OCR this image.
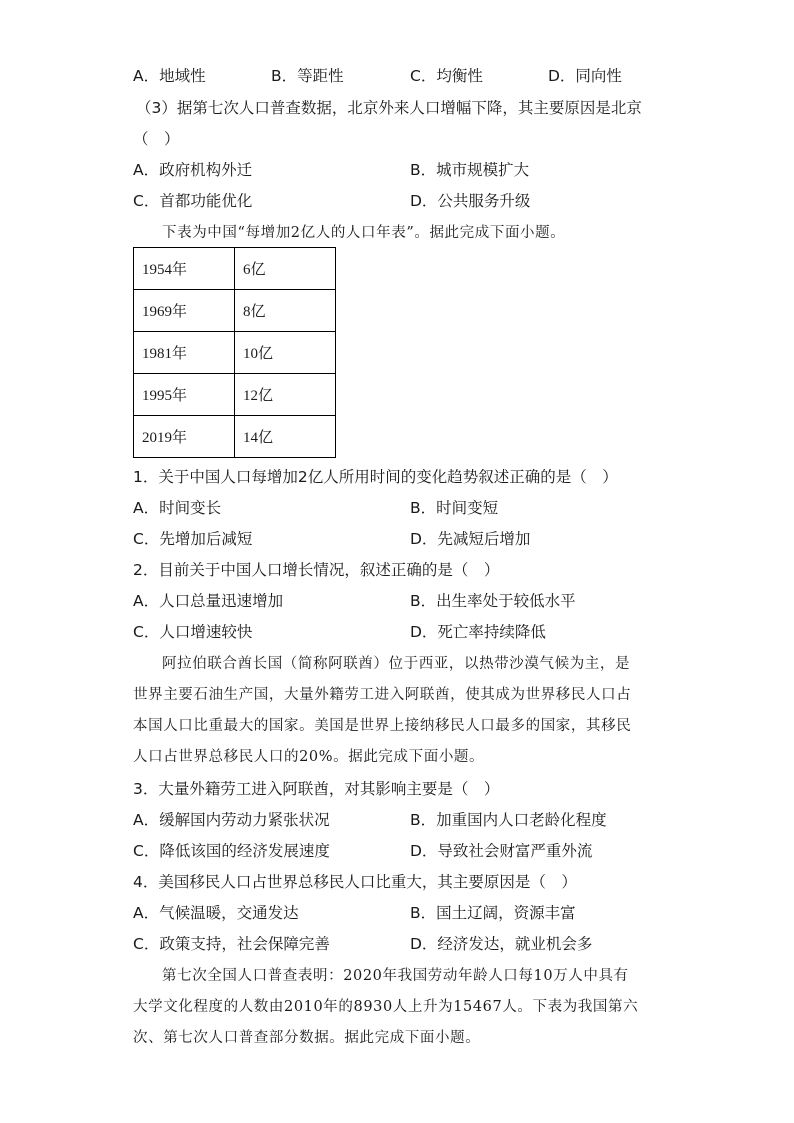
A．地域性	B．等距性	C．均衡性	D．同向性
（3）据第七次人口普查数据，北京外来人口增幅下降，其主要原因是北京
（　）
A．政府机构外迁	B．城市规模扩大
C．首都功能优化	D．公共服务升级
下表为中国“每增加2亿人的人口年表”。据此完成下面小题。
1954年	6亿
1969年	8亿
1981年	10亿
1995年	12亿
2019年	14亿
1．关于中国人口每增加2亿人所用时间的变化趋势叙述正确的是（　）
A．时间变长	B．时间变短
C．先增加后减短	D．先减短后增加
2．目前关于中国人口增长情况，叙述正确的是（　）
A．人口总量迅速增加	B．出生率处于较低水平
C．人口增速较快	D．死亡率持续降低
阿拉伯联合酋长国（简称阿联酋）位于西亚，以热带沙漠气候为主，是
世界主要石油生产国，大量外籍劳工进入阿联酋，使其成为世界移民人口占
本国人口比重最大的国家。美国是世界上接纳移民人口最多的国家，其移民
人口占世界总移民人口的20%。据此完成下面小题。
3．大量外籍劳工进入阿联酋，对其影响主要是（　）
A．缓解国内劳动力紧张状况	B．加重国内人口老龄化程度
C．降低该国的经济发展速度	D．导致社会财富严重外流
4．美国移民人口占世界总移民人口比重大，其主要原因是（　）
A．气候温暖，交通发达	B．国土辽阔，资源丰富
C．政策支持，社会保障完善	D．经济发达，就业机会多
第七次全国人口普查表明：2020年我国劳动年龄人口每10万人中具有
大学文化程度的人数由2010年的8930人上升为15467人。下表为我国第六
次、第七次人口普查部分数据。据此完成下面小题。
